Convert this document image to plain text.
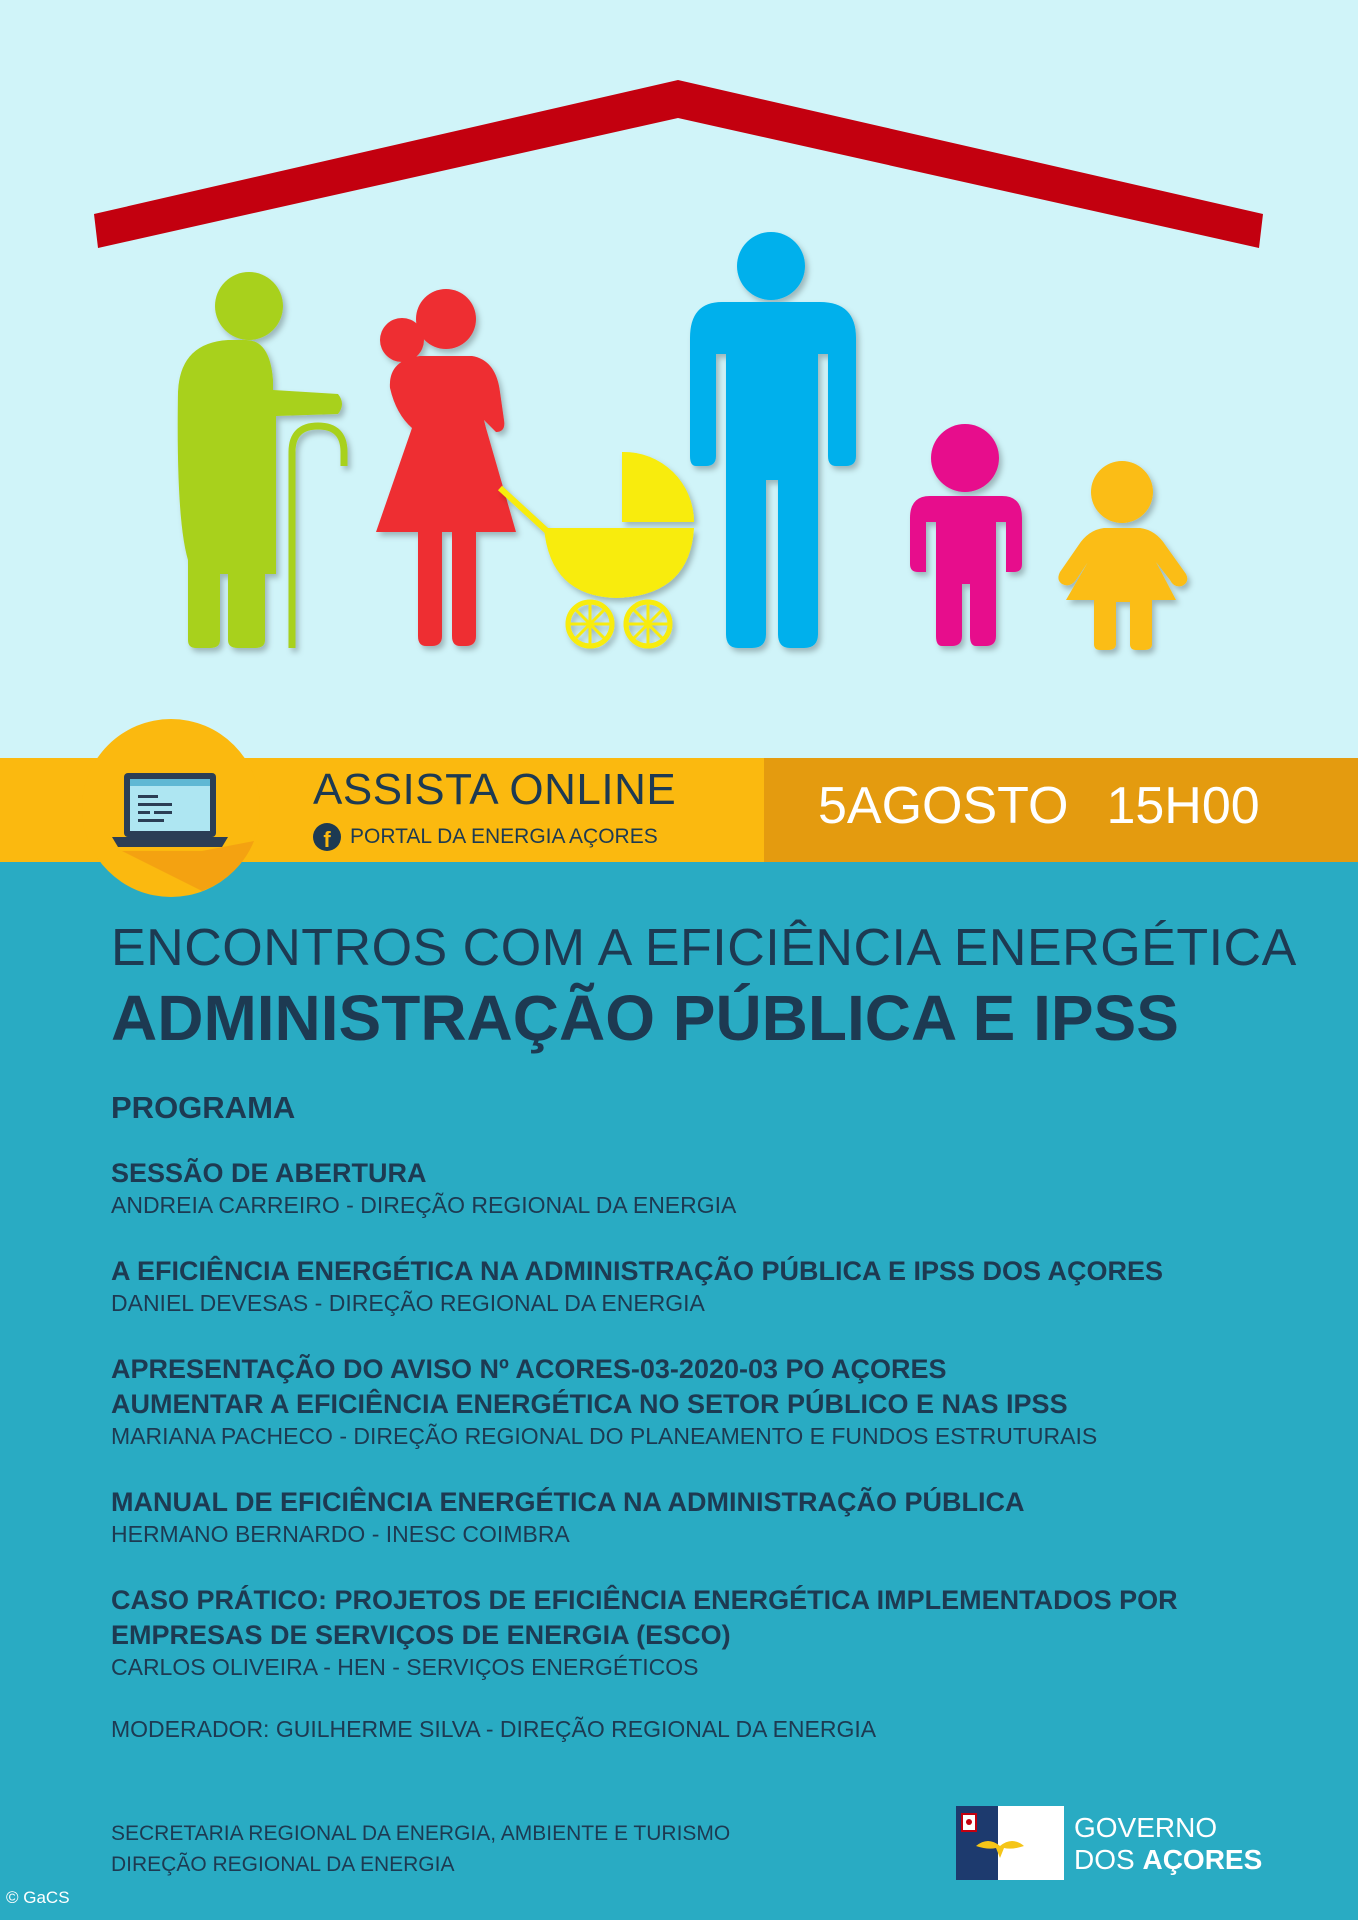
ASSISTA ONLINE
f PORTAL DA ENERGIA AÇORES
5AGOSTO 15H00
ENCONTROS COM A EFICIÊNCIA ENERGÉTICA
ADMINISTRAÇÃO PÚBLICA E IPSS
PROGRAMA
SESSÃO DE ABERTURA
ANDREIA CARREIRO - DIREÇÃO REGIONAL DA ENERGIA
A EFICIÊNCIA ENERGÉTICA NA ADMINISTRAÇÃO PÚBLICA E IPSS DOS AÇORES
DANIEL DEVESAS - DIREÇÃO REGIONAL DA ENERGIA
APRESENTAÇÃO DO AVISO Nº ACORES-03-2020-03 PO AÇORES
AUMENTAR A EFICIÊNCIA ENERGÉTICA NO SETOR PÚBLICO E NAS IPSS
MARIANA PACHECO - DIREÇÃO REGIONAL DO PLANEAMENTO E FUNDOS ESTRUTURAIS
MANUAL DE EFICIÊNCIA ENERGÉTICA NA ADMINISTRAÇÃO PÚBLICA
HERMANO BERNARDO - INESC COIMBRA
CASO PRÁTICO: PROJETOS DE EFICIÊNCIA ENERGÉTICA IMPLEMENTADOS POR
EMPRESAS DE SERVIÇOS DE ENERGIA (ESCO)
CARLOS OLIVEIRA - HEN - SERVIÇOS ENERGÉTICOS
MODERADOR: GUILHERME SILVA - DIREÇÃO REGIONAL DA ENERGIA
SECRETARIA REGIONAL DA ENERGIA, AMBIENTE E TURISMO
DIREÇÃO REGIONAL DA ENERGIA
GOVERNO
DOS AÇORES
© GaCS
